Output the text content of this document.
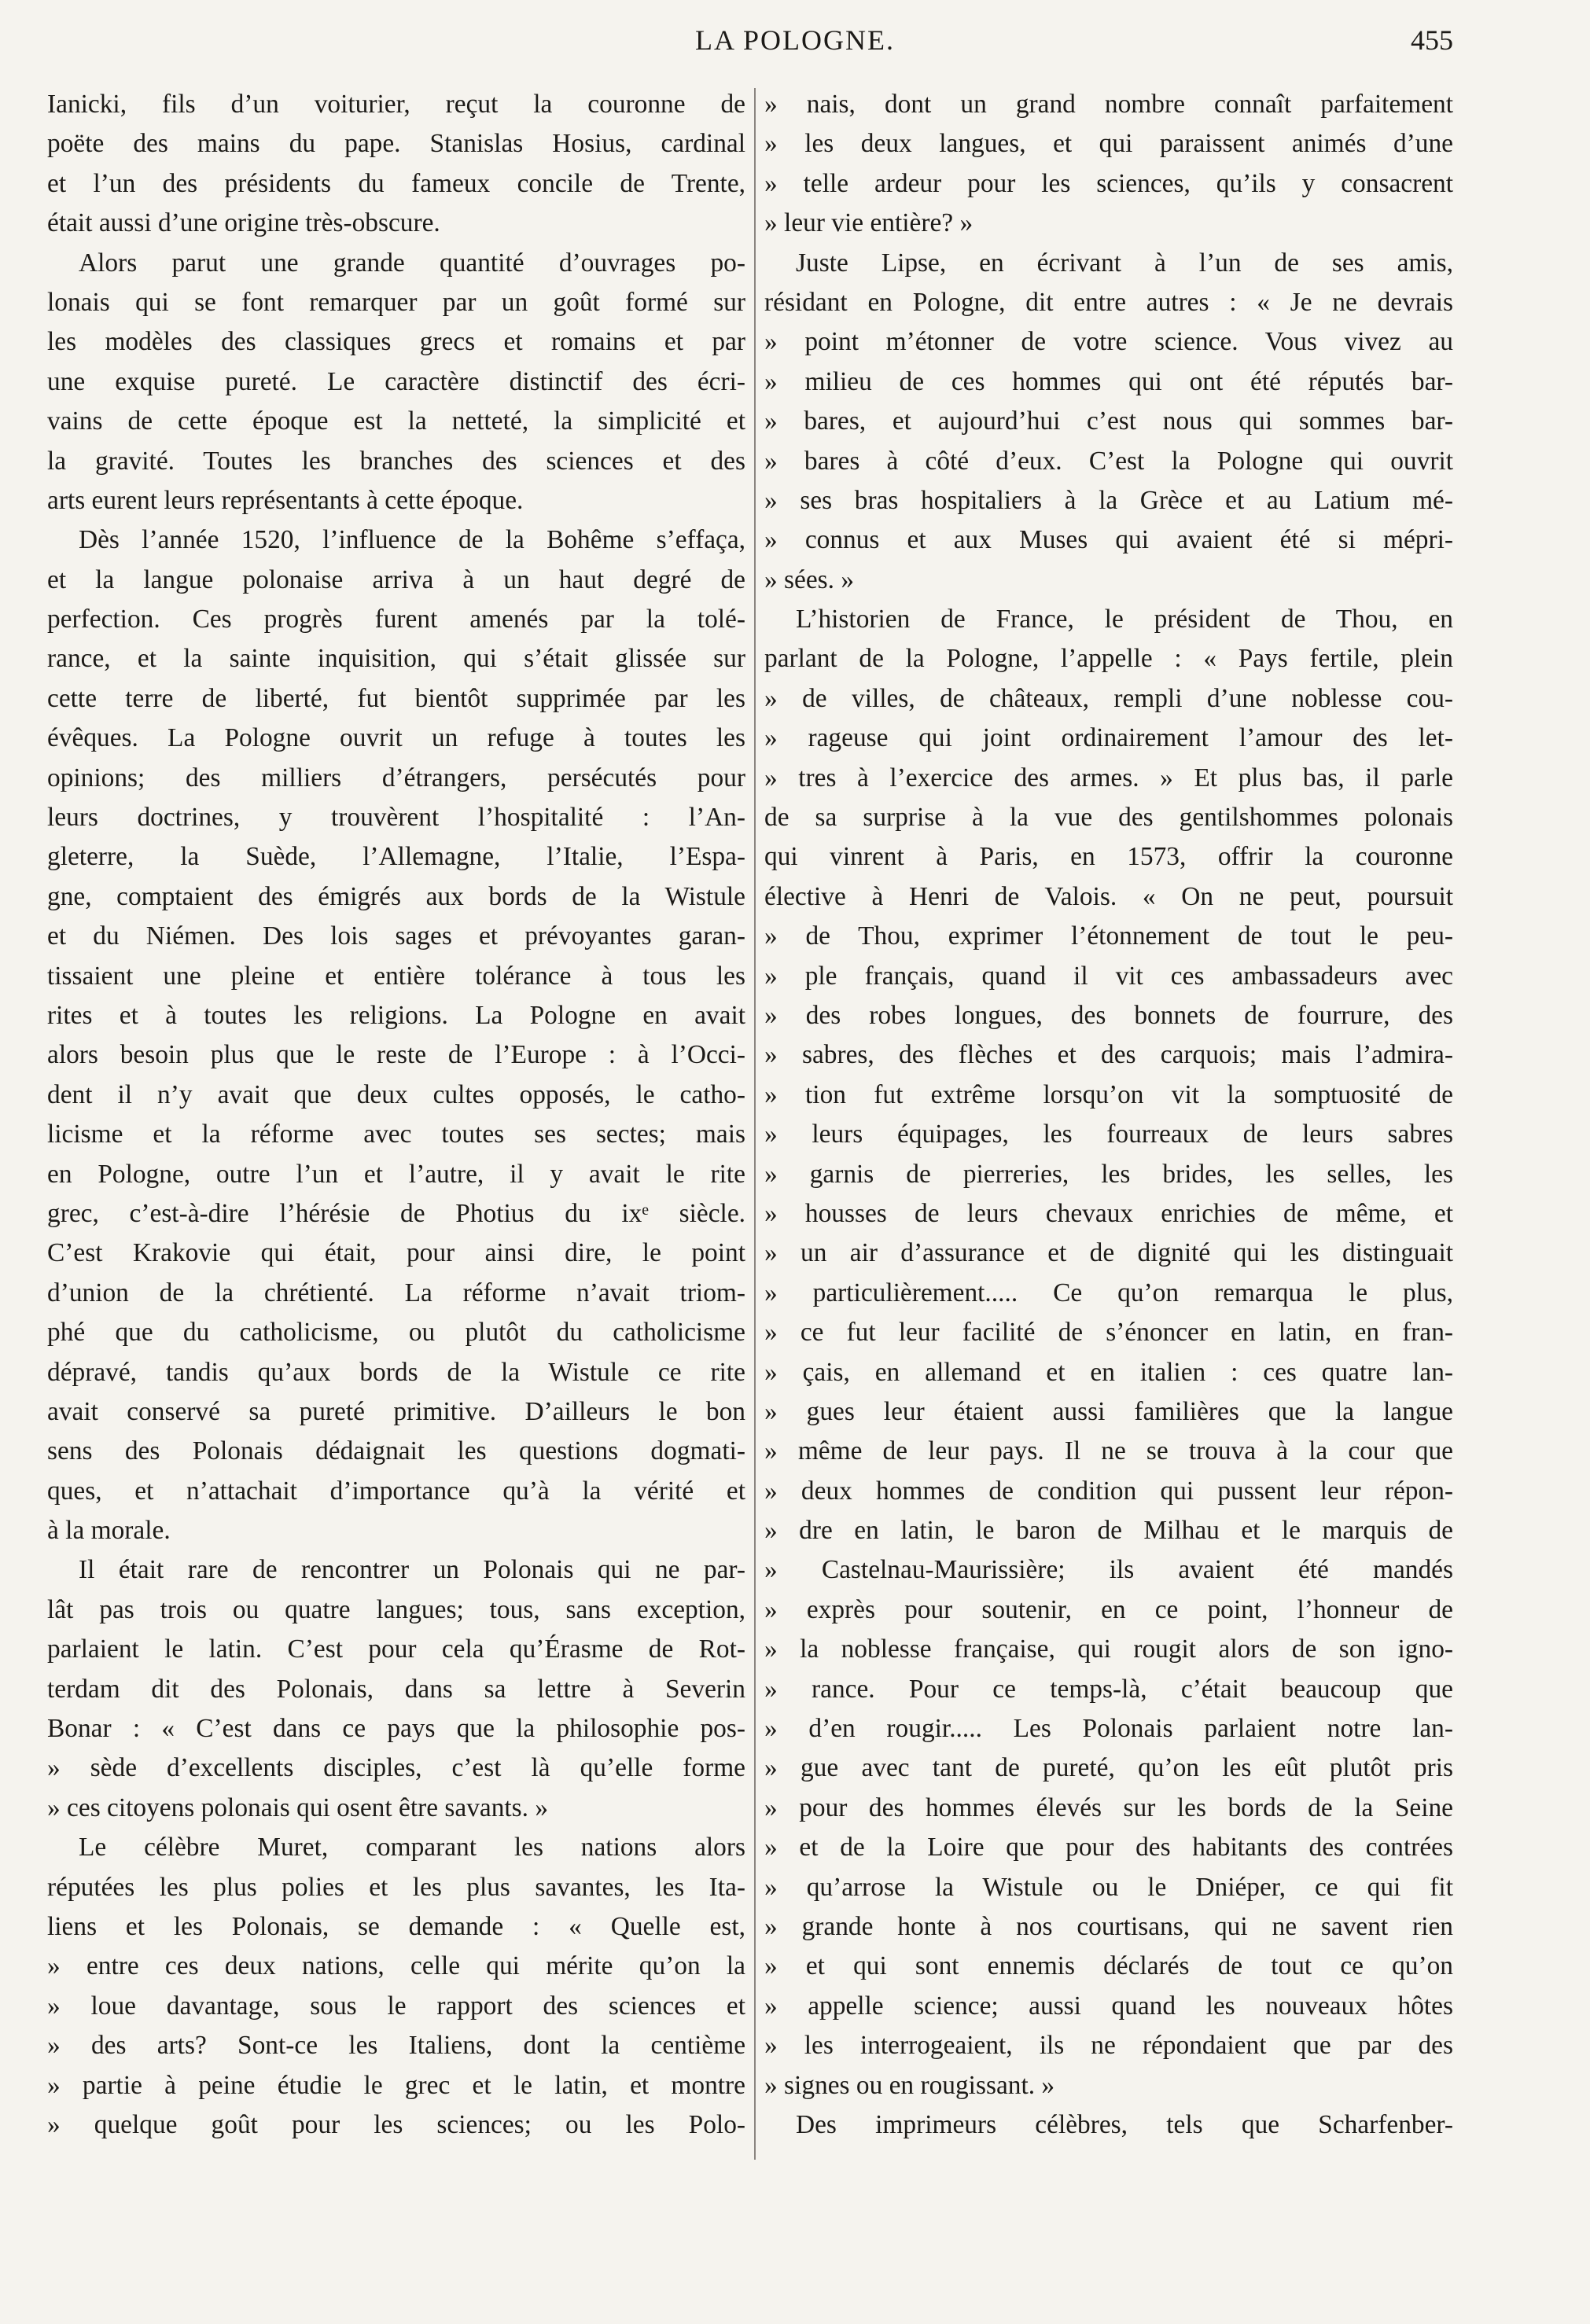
LA POLOGNE.	455
Ianicki, fils d’un voiturier, reçut la couronne de
poëte des mains du pape. Stanislas Hosius, cardinal
et l’un des présidents du fameux concile de Trente,
était aussi d’une origine très-obscure.
Alors parut une grande quantité d’ouvrages po-
lonais qui se font remarquer par un goût formé sur
les modèles des classiques grecs et romains et par
une exquise pureté. Le caractère distinctif des écri-
vains de cette époque est la netteté, la simplicité et
la gravité. Toutes les branches des sciences et des
arts eurent leurs représentants à cette époque.
Dès l’année 1520, l’influence de la Bohême s’effaça,
et la langue polonaise arriva à un haut degré de
perfection. Ces progrès furent amenés par la tolé-
rance, et la sainte inquisition, qui s’était glissée sur
cette terre de liberté, fut bientôt supprimée par les
évêques. La Pologne ouvrit un refuge à toutes les
opinions; des milliers d’étrangers, persécutés pour
leurs doctrines, y trouvèrent l’hospitalité : l’An-
gleterre, la Suède, l’Allemagne, l’Italie, l’Espa-
gne, comptaient des émigrés aux bords de la Wistule
et du Niémen. Des lois sages et prévoyantes garan-
tissaient une pleine et entière tolérance à tous les
rites et à toutes les religions. La Pologne en avait
alors besoin plus que le reste de l’Europe : à l’Occi-
dent il n’y avait que deux cultes opposés, le catho-
licisme et la réforme avec toutes ses sectes; mais
en Pologne, outre l’un et l’autre, il y avait le rite
grec, c’est-à-dire l’hérésie de Photius du ixᵉ siècle.
C’est Krakovie qui était, pour ainsi dire, le point
d’union de la chrétienté. La réforme n’avait triom-
phé que du catholicisme, ou plutôt du catholicisme
dépravé, tandis qu’aux bords de la Wistule ce rite
avait conservé sa pureté primitive. D’ailleurs le bon
sens des Polonais dédaignait les questions dogmati-
ques, et n’attachait d’importance qu’à la vérité et
à la morale.
Il était rare de rencontrer un Polonais qui ne par-
lât pas trois ou quatre langues; tous, sans exception,
parlaient le latin. C’est pour cela qu’Érasme de Rot-
terdam dit des Polonais, dans sa lettre à Severin
Bonar : « C’est dans ce pays que la philosophie pos-
» sède d’excellents disciples, c’est là qu’elle forme
» ces citoyens polonais qui osent être savants. »
Le célèbre Muret, comparant les nations alors
réputées les plus polies et les plus savantes, les Ita-
liens et les Polonais, se demande : « Quelle est,
» entre ces deux nations, celle qui mérite qu’on la
» loue davantage, sous le rapport des sciences et
» des arts? Sont-ce les Italiens, dont la centième
» partie à peine étudie le grec et le latin, et montre
» quelque goût pour les sciences; ou les Polo-
» nais, dont un grand nombre connaît parfaitement
» les deux langues, et qui paraissent animés d’une
» telle ardeur pour les sciences, qu’ils y consacrent
» leur vie entière? »
Juste Lipse, en écrivant à l’un de ses amis,
résidant en Pologne, dit entre autres : « Je ne devrais
» point m’étonner de votre science. Vous vivez au
» milieu de ces hommes qui ont été réputés bar-
» bares, et aujourd’hui c’est nous qui sommes bar-
» bares à côté d’eux. C’est la Pologne qui ouvrit
» ses bras hospitaliers à la Grèce et au Latium mé-
» connus et aux Muses qui avaient été si mépri-
» sées. »
L’historien de France, le président de Thou, en
parlant de la Pologne, l’appelle : « Pays fertile, plein
» de villes, de châteaux, rempli d’une noblesse cou-
» rageuse qui joint ordinairement l’amour des let-
» tres à l’exercice des armes. » Et plus bas, il parle
de sa surprise à la vue des gentilshommes polonais
qui vinrent à Paris, en 1573, offrir la couronne
élective à Henri de Valois. « On ne peut, poursuit
» de Thou, exprimer l’étonnement de tout le peu-
» ple français, quand il vit ces ambassadeurs avec
» des robes longues, des bonnets de fourrure, des
» sabres, des flèches et des carquois; mais l’admira-
» tion fut extrême lorsqu’on vit la somptuosité de
» leurs équipages, les fourreaux de leurs sabres
» garnis de pierreries, les brides, les selles, les
» housses de leurs chevaux enrichies de même, et
» un air d’assurance et de dignité qui les distinguait
» particulièrement..... Ce qu’on remarqua le plus,
» ce fut leur facilité de s’énoncer en latin, en fran-
» çais, en allemand et en italien : ces quatre lan-
» gues leur étaient aussi familières que la langue
» même de leur pays. Il ne se trouva à la cour que
» deux hommes de condition qui pussent leur répon-
» dre en latin, le baron de Milhau et le marquis de
» Castelnau-Maurissière; ils avaient été mandés
» exprès pour soutenir, en ce point, l’honneur de
» la noblesse française, qui rougit alors de son igno-
» rance. Pour ce temps-là, c’était beaucoup que
» d’en rougir..... Les Polonais parlaient notre lan-
» gue avec tant de pureté, qu’on les eût plutôt pris
» pour des hommes élevés sur les bords de la Seine
» et de la Loire que pour des habitants des contrées
» qu’arrose la Wistule ou le Dniéper, ce qui fit
» grande honte à nos courtisans, qui ne savent rien
» et qui sont ennemis déclarés de tout ce qu’on
» appelle science; aussi quand les nouveaux hôtes
» les interrogeaient, ils ne répondaient que par des
» signes ou en rougissant. »
Des imprimeurs célèbres, tels que Scharfenber-
